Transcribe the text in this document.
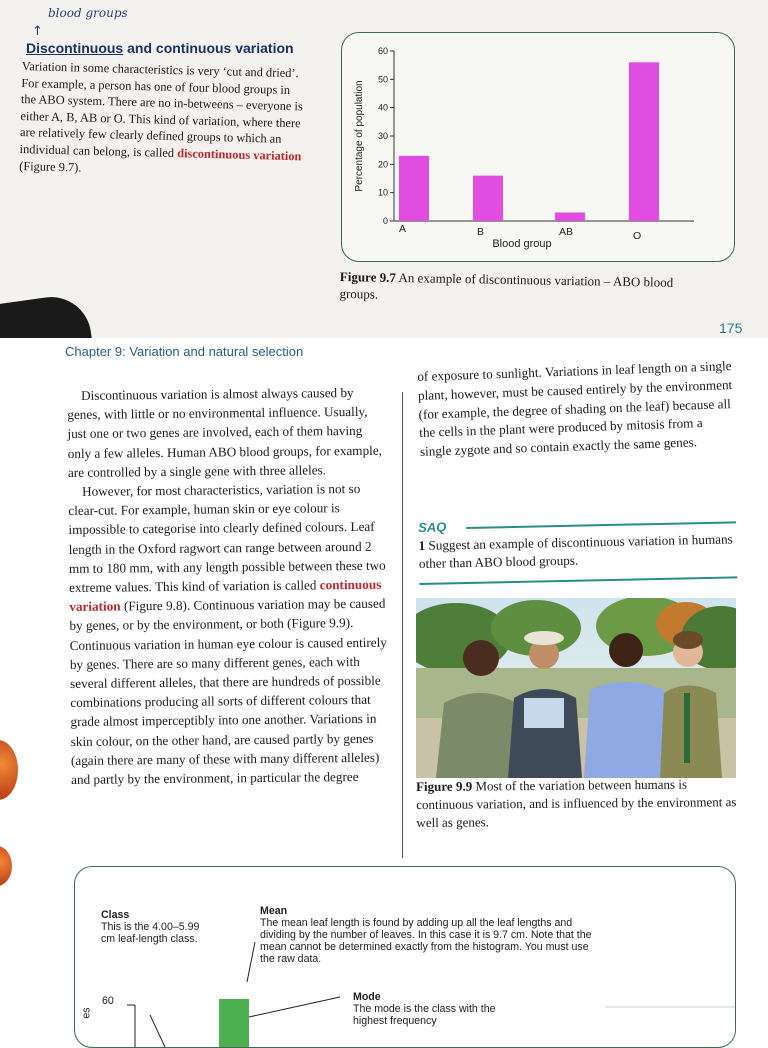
blood groups
↑
Discontinuous and continuous variation
Variation in some characteristics is very ‘cut and dried’. For example, a person has one of four blood groups in the ABO system. There are no in-betweens – everyone is either A, B, AB or O. This kind of variation, where there are relatively few clearly defined groups to which an individual can belong, is called discontinuous variation (Figure 9.7).
0
10
20
30
40
50
60
Percentage of population
A	B	AB	O
Blood group
Figure 9.7 An example of discontinuous variation – ABO blood groups.
175
Chapter 9: Variation and natural selection

Discontinuous variation is almost always caused by genes, with little or no environmental influence. Usually, just one or two genes are involved, each of them having only a few alleles. Human ABO blood groups, for example, are controlled by a single gene with three alleles.

However, for most characteristics, variation is not so clear-cut. For example, human skin or eye colour is impossible to categorise into clearly defined colours. Leaf length in the Oxford ragwort can range between around 2 mm to 180 mm, with any length possible between these two extreme values. This kind of variation is called continuous variation (Figure 9.8). Continuous variation may be caused by genes, or by the environment, or both (Figure 9.9). Continuous variation in human eye colour is caused entirely by genes. There are so many different genes, each with several different alleles, that there are hundreds of possible combinations producing all sorts of different colours that grade almost imperceptibly into one another. Variations in skin colour, on the other hand, are caused partly by genes (again there are many of these with many different alleles) and partly by the environment, in particular the degree

of exposure to sunlight. Variations in leaf length on a single plant, however, must be caused entirely by the environment (for example, the degree of shading on the leaf) because all the cells in the plant were produced by mitosis from a single zygote and so contain exactly the same genes.
SAQ
1 Suggest an example of discontinuous variation in humans other than ABO blood groups.
Figure 9.9 Most of the variation between humans is continuous variation, and is influenced by the environment as well as genes.
Class
This is the 4.00–5.99 cm leaf-length class.
Mean
The mean leaf length is found by adding up all the leaf lengths and dividing by the number of leaves. In this case it is 9.7 cm. Note that the mean cannot be determined exactly from the histogram. You must use the raw data.
60
es
Mode
The mode is the class with the highest frequency
